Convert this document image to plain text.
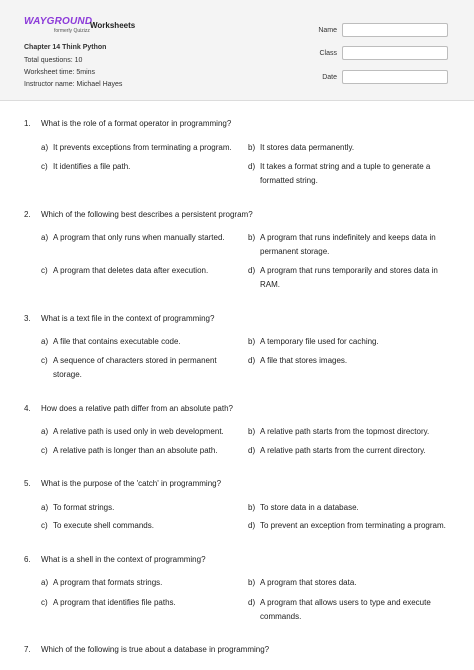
WAYGROUND
formerly Quizizz
Worksheets
Chapter 14 Think Python
Total questions: 10
Worksheet time: 5mins
Instructor name: Michael Hayes
Name
Class
Date
1. What is the role of a format operator in programming?
a) It prevents exceptions from terminating a program. b) It stores data permanently.
c) It identifies a file path.	d) It takes a format string and a tuple to generate a
formatted string.
2. Which of the following best describes a persistent program?
a) A program that only runs when manually started.	b) A program that runs indefinitely and keeps data in
permanent storage.
c) A program that deletes data after execution.	d) A program that runs temporarily and stores data in
RAM.
3. What is a text file in the context of programming?
a) A file that contains executable code.	b) A temporary file used for caching.
c) A sequence of characters stored in permanent
storage.
d) A file that stores images.
4. How does a relative path differ from an absolute path?
a) A relative path is used only in web development.	b) A relative path starts from the topmost directory.
c) A relative path is longer than an absolute path.	d) A relative path starts from the current directory.
5. What is the purpose of the 'catch' in programming?
a) To format strings.	b) To store data in a database.
c) To execute shell commands.	d) To prevent an exception from terminating a program.
6. What is a shell in the context of programming?
a) A program that formats strings.	b) A program that stores data.
c) A program that identifies file paths.	d) A program that allows users to type and execute
commands.
7. Which of the following is true about a database in programming?
